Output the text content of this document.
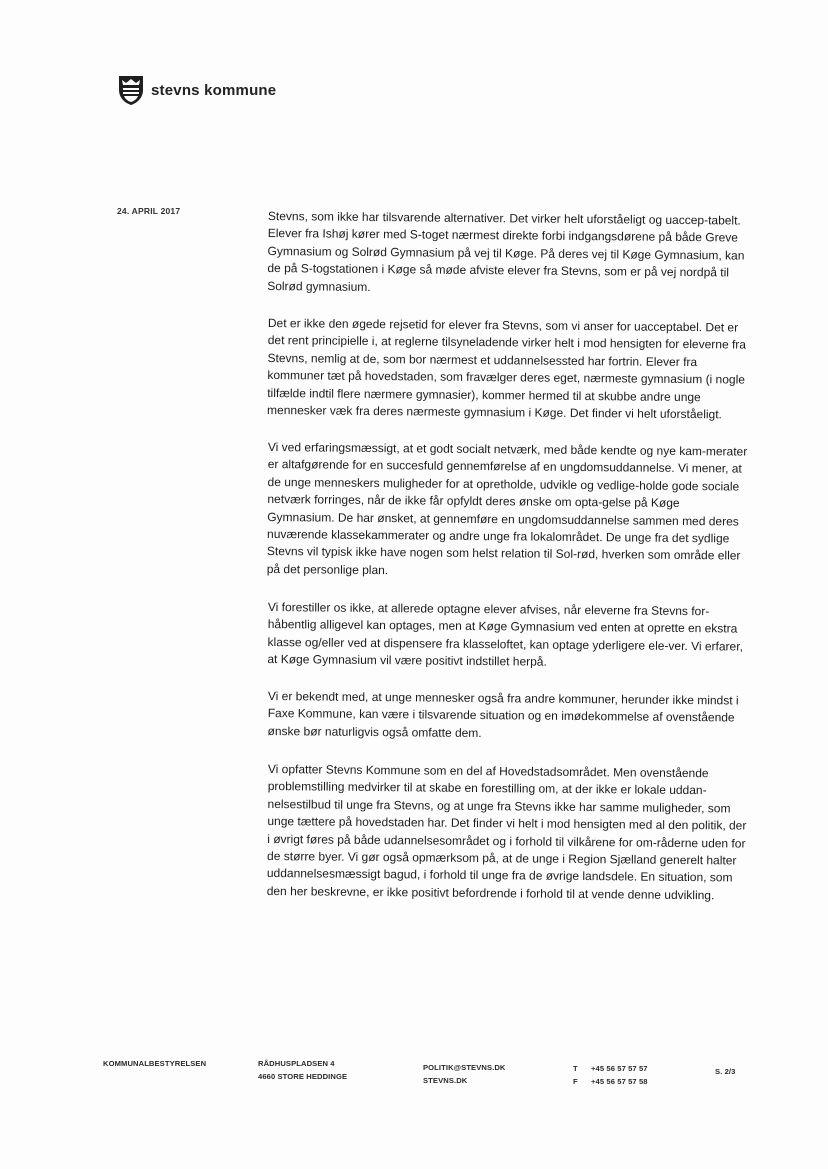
stevns kommune
24. APRIL 2017	Stevns, som ikke har tilsvarende alternativer. Det virker helt uforståeligt og uaccep-tabelt. Elever fra Ishøj kører med S-toget nærmest direkte forbi indgangsdørene på både Greve Gymnasium og Solrød Gymnasium på vej til Køge. På deres vej til Køge Gymnasium, kan de på S-togstationen i Køge så møde afviste elever fra Stevns, som er på vej nordpå til Solrød gymnasium.

Det er ikke den øgede rejsetid for elever fra Stevns, som vi anser for uacceptabel. Det er det rent principielle i, at reglerne tilsyneladende virker helt i mod hensigten for eleverne fra Stevns, nemlig at de, som bor nærmest et uddannelsessted har fortrin. Elever fra kommuner tæt på hovedstaden, som fravælger deres eget, nærmeste gymnasium (i nogle tilfælde indtil flere nærmere gymnasier), kommer hermed til at skubbe andre unge mennesker væk fra deres nærmeste gymnasium i Køge. Det finder vi helt uforståeligt.

Vi ved erfaringsmæssigt, at et godt socialt netværk, med både kendte og nye kam-merater er altafgørende for en succesfuld gennemførelse af en ungdomsuddannelse. Vi mener, at de unge menneskers muligheder for at opretholde, udvikle og vedlige-holde gode sociale netværk forringes, når de ikke får opfyldt deres ønske om opta-gelse på Køge Gymnasium. De har ønsket, at gennemføre en ungdomsuddannelse sammen med deres nuværende klassekammerater og andre unge fra lokalområdet. De unge fra det sydlige Stevns vil typisk ikke have nogen som helst relation til Sol-rød, hverken som område eller på det personlige plan.

Vi forestiller os ikke, at allerede optagne elever afvises, når eleverne fra Stevns for-håbentlig alligevel kan optages, men at Køge Gymnasium ved enten at oprette en ekstra klasse og/eller ved at dispensere fra klasseloftet, kan optage yderligere ele-ver. Vi erfarer, at Køge Gymnasium vil være positivt indstillet herpå.

Vi er bekendt med, at unge mennesker også fra andre kommuner, herunder ikke mindst i Faxe Kommune, kan være i tilsvarende situation og en imødekommelse af ovenstående ønske bør naturligvis også omfatte dem.

Vi opfatter Stevns Kommune som en del af Hovedstadsområdet. Men ovenstående problemstilling medvirker til at skabe en forestilling om, at der ikke er lokale uddan-nelsestilbud til unge fra Stevns, og at unge fra Stevns ikke har samme muligheder, som unge tættere på hovedstaden har. Det finder vi helt i mod hensigten med al den politik, der i øvrigt føres på både udannelsesområdet og i forhold til vilkårene for om-råderne uden for de større byer. Vi gør også opmærksom på, at de unge i Region Sjælland generelt halter uddannelsesmæssigt bagud, i forhold til unge fra de øvrige landsdele. En situation, som den her beskrevne, er ikke positivt befordrende i forhold til at vende denne udvikling.

KOMMUNALBESTYRELSEN	RÅDHUSPLADSEN 4
4660 STORE HEDDINGE
POLITIK@STEVNS.DK
STEVNS.DK
T +45 56 57 57 57
F +45 56 57 57 58
S. 2/3
